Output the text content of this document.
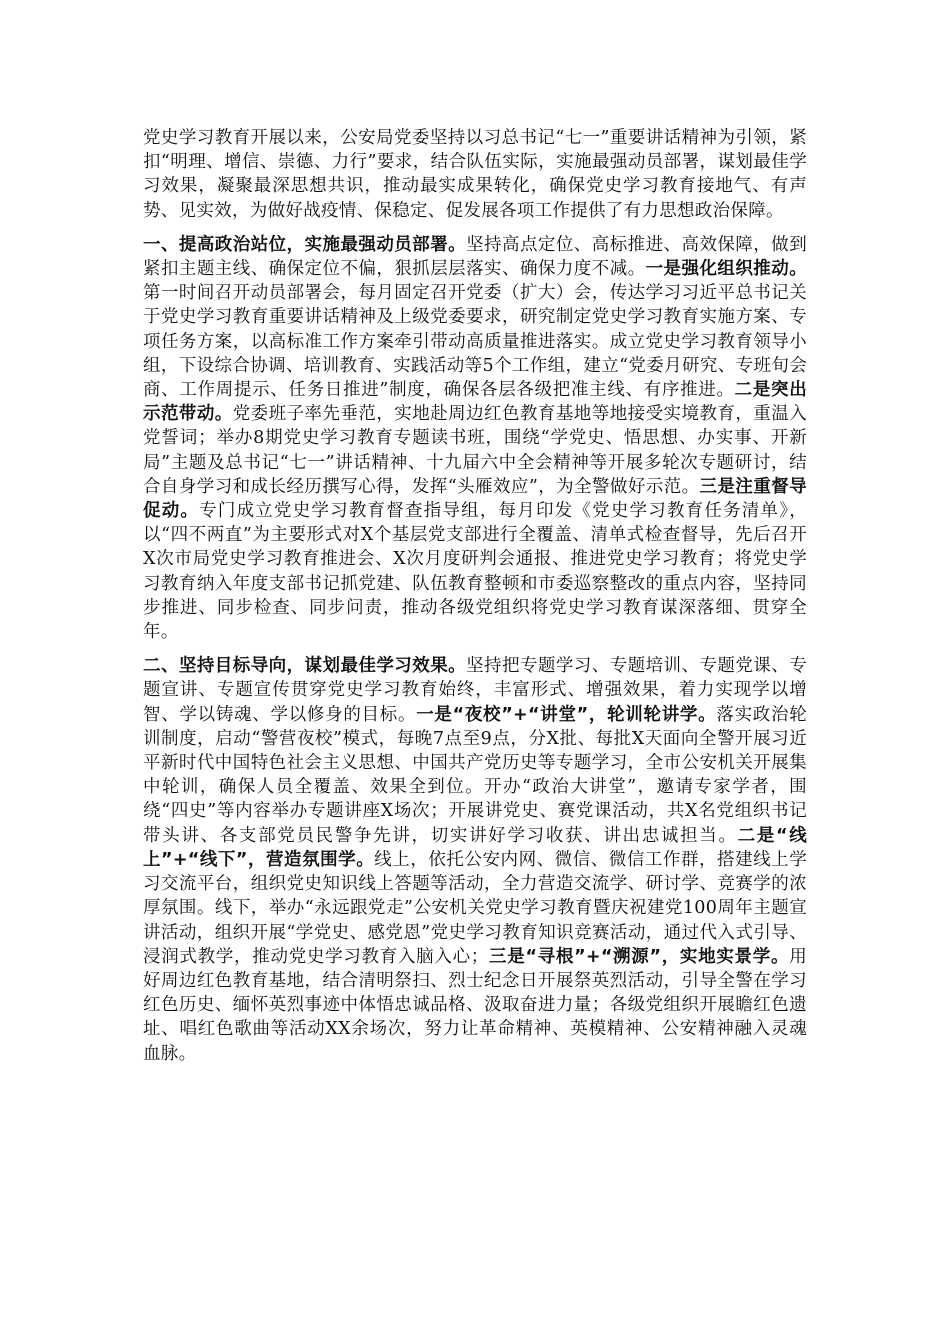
党史学习教育开展以来，公安局党委坚持以习总书记“七一”重要讲话精神为引领，紧扣“明理、增信、崇德、力行”要求，结合队伍实际，实施最强动员部署，谋划最佳学习效果，凝聚最深思想共识，推动最实成果转化，确保党史学习教育接地气、有声势、见实效，为做好战疫情、保稳定、促发展各项工作提供了有力思想政治保障。

一、提高政治站位，实施最强动员部署。坚持高点定位、高标推进、高效保障，做到紧扣主题主线、确保定位不偏，狠抓层层落实、确保力度不减。一是强化组织推动。第一时间召开动员部署会，每月固定召开党委（扩大）会，传达学习习近平总书记关于党史学习教育重要讲话精神及上级党委要求，研究制定党史学习教育实施方案、专项任务方案，以高标准工作方案牵引带动高质量推进落实。成立党史学习教育领导小组，下设综合协调、培训教育、实践活动等5个工作组，建立“党委月研究、专班旬会商、工作周提示、任务日推进”制度，确保各层各级把准主线、有序推进。二是突出示范带动。党委班子率先垂范，实地赴周边红色教育基地等地接受实境教育，重温入党誓词；举办8期党史学习教育专题读书班，围绕“学党史、悟思想、办实事、开新局”主题及总书记“七一”讲话精神、十九届六中全会精神等开展多轮次专题研讨，结合自身学习和成长经历撰写心得，发挥“头雁效应”，为全警做好示范。三是注重督导促动。专门成立党史学习教育督查指导组，每月印发《党史学习教育任务清单》，以“四不两直”为主要形式对X个基层党支部进行全覆盖、清单式检查督导，先后召开X次市局党史学习教育推进会、X次月度研判会通报、推进党史学习教育；将党史学习教育纳入年度支部书记抓党建、队伍教育整顿和市委巡察整改的重点内容，坚持同步推进、同步检查、同步问责，推动各级党组织将党史学习教育谋深落细、贯穿全年。

二、坚持目标导向，谋划最佳学习效果。坚持把专题学习、专题培训、专题党课、专题宣讲、专题宣传贯穿党史学习教育始终，丰富形式、增强效果，着力实现学以增智、学以铸魂、学以修身的目标。一是“夜校”+“讲堂”，轮训轮讲学。落实政治轮训制度，启动“警营夜校”模式，每晚7点至9点，分X批、每批X天面向全警开展习近平新时代中国特色社会主义思想、中国共产党历史等专题学习，全市公安机关开展集中轮训，确保人员全覆盖、效果全到位。开办“政治大讲堂”，邀请专家学者，围绕“四史”等内容举办专题讲座X场次；开展讲党史、赛党课活动，共X名党组织书记带头讲、各支部党员民警争先讲，切实讲好学习收获、讲出忠诚担当。二是“线上”+“线下”，营造氛围学。线上，依托公安内网、微信、微信工作群，搭建线上学习交流平台，组织党史知识线上答题等活动，全力营造交流学、研讨学、竞赛学的浓厚氛围。线下，举办“永远跟党走”公安机关党史学习教育暨庆祝建党100周年主题宣讲活动，组织开展“学党史、感党恩”党史学习教育知识竞赛活动，通过代入式引导、浸润式教学，推动党史学习教育入脑入心；三是“寻根”+“溯源”，实地实景学。用好周边红色教育基地，结合清明祭扫、烈士纪念日开展祭英烈活动，引导全警在学习红色历史、缅怀英烈事迹中体悟忠诚品格、汲取奋进力量；各级党组织开展瞻红色遗址、唱红色歌曲等活动XX余场次，努力让革命精神、英模精神、公安精神融入灵魂血脉。
